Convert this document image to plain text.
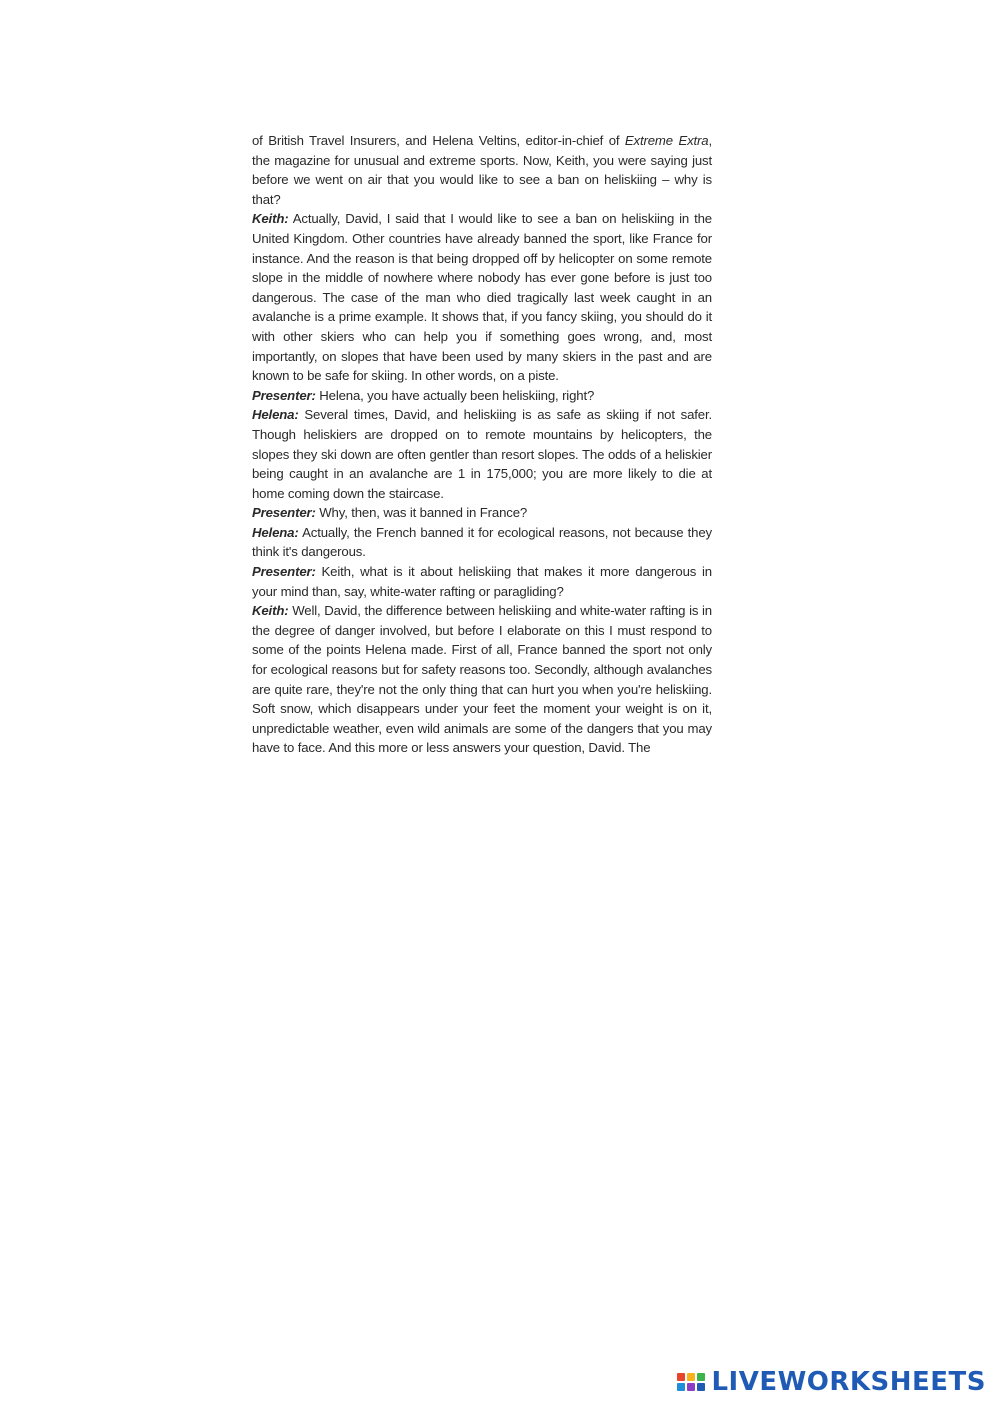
of British Travel Insurers, and Helena Veltins, editor-in-chief of Extreme Extra, the magazine for unusual and extreme sports. Now, Keith, you were saying just before we went on air that you would like to see a ban on heliskiing – why is that?

Keith: Actually, David, I said that I would like to see a ban on heliskiing in the United Kingdom. Other countries have already banned the sport, like France for instance. And the reason is that being dropped off by helicopter on some remote slope in the middle of nowhere where nobody has ever gone before is just too dangerous. The case of the man who died tragically last week caught in an avalanche is a prime example. It shows that, if you fancy skiing, you should do it with other skiers who can help you if something goes wrong, and, most importantly, on slopes that have been used by many skiers in the past and are known to be safe for skiing. In other words, on a piste.

Presenter: Helena, you have actually been heliskiing, right?

Helena: Several times, David, and heliskiing is as safe as skiing if not safer. Though heliskiers are dropped on to remote mountains by helicopters, the slopes they ski down are often gentler than resort slopes. The odds of a heliskier being caught in an avalanche are 1 in 175,000; you are more likely to die at home coming down the staircase.

Presenter: Why, then, was it banned in France?

Helena: Actually, the French banned it for ecological reasons, not because they think it's dangerous.

Presenter: Keith, what is it about heliskiing that makes it more dangerous in your mind than, say, white-water rafting or paragliding?

Keith: Well, David, the difference between heliskiing and white-water rafting is in the degree of danger involved, but before I elaborate on this I must respond to some of the points Helena made. First of all, France banned the sport not only for ecological reasons but for safety reasons too. Secondly, although avalanches are quite rare, they're not the only thing that can hurt you when you're heliskiing. Soft snow, which disappears under your feet the moment your weight is on it, unpredictable weather, even wild animals are some of the dangers that you may have to face. And this more or less answers your question, David. The

LIVEWORKSHEETS
